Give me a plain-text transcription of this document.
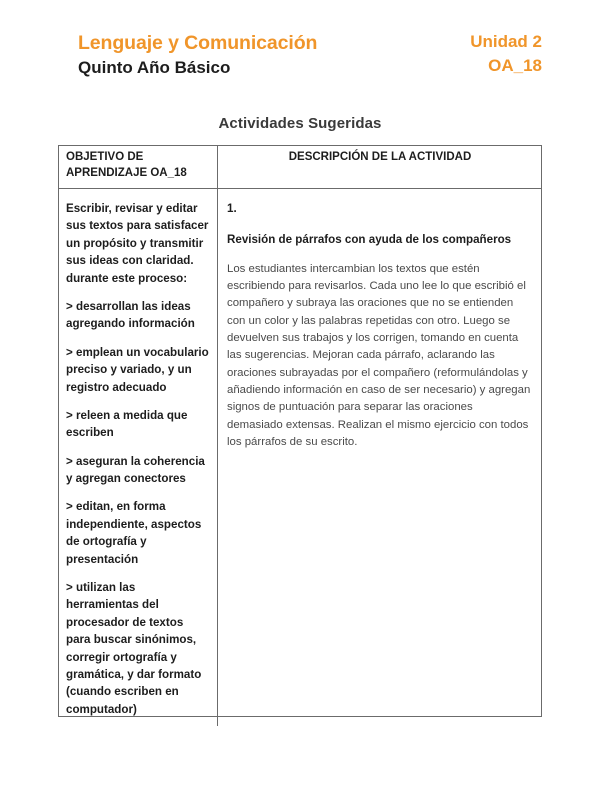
Lenguaje y Comunicación
Quinto Año Básico
Unidad 2
OA_18
Actividades Sugeridas
OBJETIVO DE APRENDIZAJE OA_18
DESCRIPCIÓN DE LA ACTIVIDAD

Escribir, revisar y editar sus textos para satisfacer un propósito y transmitir sus ideas con claridad. durante este proceso:

> desarrollan las ideas agregando información

> emplean un vocabulario preciso y variado, y un registro adecuado

> releen a medida que escriben

> aseguran la coherencia y agregan conectores

> editan, en forma independiente, aspectos de ortografía y presentación

> utilizan las herramientas del procesador de textos para buscar sinónimos, corregir ortografía y gramática, y dar formato (cuando escriben en computador)

1.
Revisión de párrafos con ayuda de los compañeros
Los estudiantes intercambian los textos que estén escribiendo para revisarlos. Cada uno lee lo que escribió el compañero y subraya las oraciones que no se entienden con un color y las palabras repetidas con otro. Luego se devuelven sus trabajos y los corrigen, tomando en cuenta las sugerencias. Mejoran cada párrafo, aclarando las oraciones subrayadas por el compañero (reformulándolas y añadiendo información en caso de ser necesario) y agregan signos de puntuación para separar las oraciones demasiado extensas. Realizan el mismo ejercicio con todos los párrafos de su escrito.
